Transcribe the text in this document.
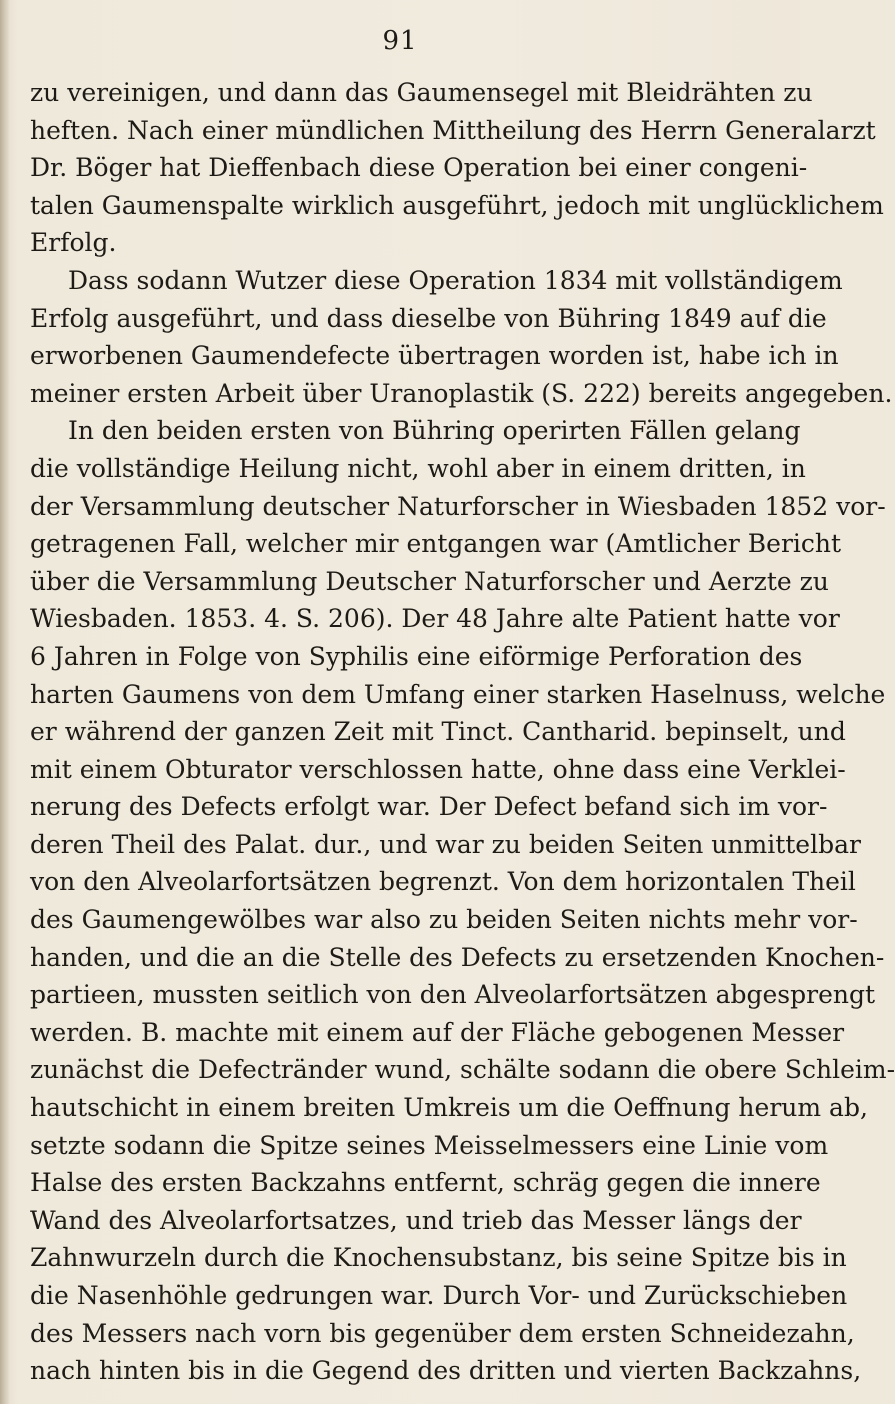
91
zu vereinigen, und dann das Gaumensegel mit Bleidrähten zu
heften. Nach einer mündlichen Mittheilung des Herrn Generalarzt
Dr. Böger hat Dieffenbach diese Operation bei einer congeni-
talen Gaumenspalte wirklich ausgeführt, jedoch mit unglücklichem
Erfolg.
Dass sodann Wutzer diese Operation 1834 mit vollständigem
Erfolg ausgeführt, und dass dieselbe von Bühring 1849 auf die
erworbenen Gaumendefecte übertragen worden ist, habe ich in
meiner ersten Arbeit über Uranoplastik (S. 222) bereits angegeben.
In den beiden ersten von Bühring operirten Fällen gelang
die vollständige Heilung nicht, wohl aber in einem dritten, in
der Versammlung deutscher Naturforscher in Wiesbaden 1852 vor-
getragenen Fall, welcher mir entgangen war (Amtlicher Bericht
über die Versammlung Deutscher Naturforscher und Aerzte zu
Wiesbaden. 1853. 4. S. 206). Der 48 Jahre alte Patient hatte vor
6 Jahren in Folge von Syphilis eine eiförmige Perforation des
harten Gaumens von dem Umfang einer starken Haselnuss, welche
er während der ganzen Zeit mit Tinct. Cantharid. bepinselt, und
mit einem Obturator verschlossen hatte, ohne dass eine Verklei-
nerung des Defects erfolgt war. Der Defect befand sich im vor-
deren Theil des Palat. dur., und war zu beiden Seiten unmittelbar
von den Alveolarfortsätzen begrenzt. Von dem horizontalen Theil
des Gaumengewölbes war also zu beiden Seiten nichts mehr vor-
handen, und die an die Stelle des Defects zu ersetzenden Knochen-
partieen, mussten seitlich von den Alveolarfortsätzen abgesprengt
werden. B. machte mit einem auf der Fläche gebogenen Messer
zunächst die Defectränder wund, schälte sodann die obere Schleim-
hautschicht in einem breiten Umkreis um die Oeffnung herum ab,
setzte sodann die Spitze seines Meisselmessers eine Linie vom
Halse des ersten Backzahns entfernt, schräg gegen die innere
Wand des Alveolarfortsatzes, und trieb das Messer längs der
Zahnwurzeln durch die Knochensubstanz, bis seine Spitze bis in
die Nasenhöhle gedrungen war. Durch Vor- und Zurückschieben
des Messers nach vorn bis gegenüber dem ersten Schneidezahn,
nach hinten bis in die Gegend des dritten und vierten Backzahns,
